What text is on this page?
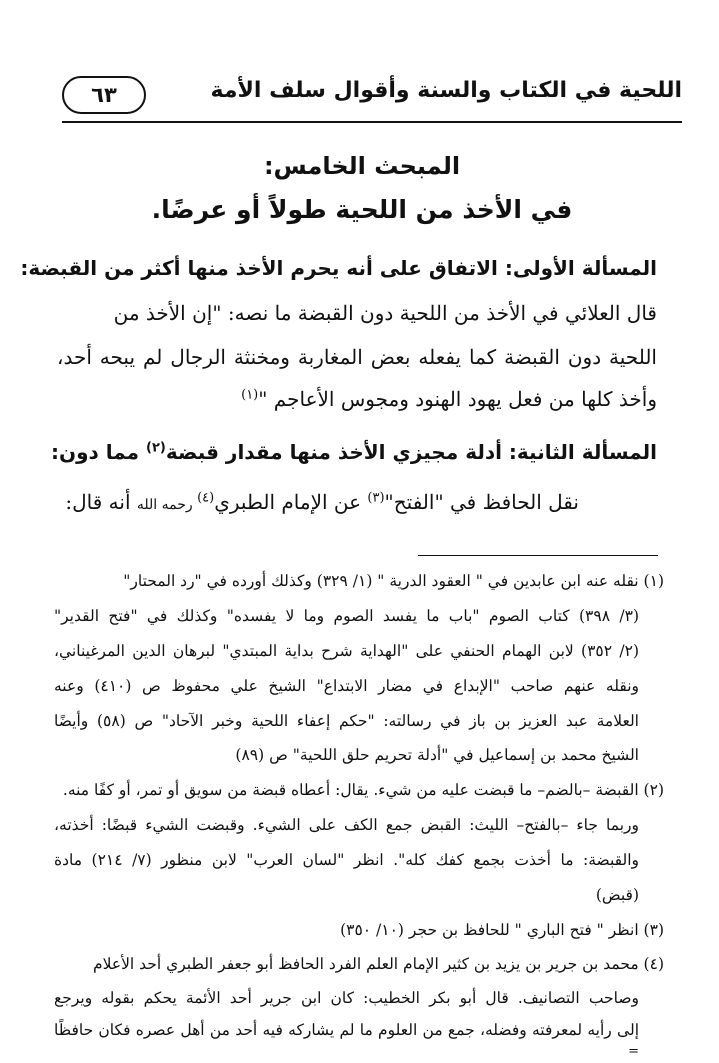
اللحية في الكتاب والسنة وأقوال سلف الأمة
٦٣
المبحث الخامس:
في الأخذ من اللحية طولاً أو عرضًا.
المسألة الأولى: الاتفاق على أنه يحرم الأخذ منها أكثر من القبضة:
قال العلائي في الأخذ من اللحية دون القبضة ما نصه: "إن الأخذ من
اللحية دون القبضة كما يفعله بعض المغاربة ومخنثة الرجال لم يبحه أحد،
وأخذ كلها من فعل يهود الهنود ومجوس الأعاجم "$^{(١)}$
المسألة الثانية: أدلة مجيزي الأخذ منها مقدار قبضة$^{(٢)}$ مما دون:
نقل الحافظ في "الفتح"$^{(٣)}$ عن الإمام الطبري$^{(٤)}$ رحمه الله أنه قال:
(١) نقله عنه ابن عابدين في " العقود الدرية " (١/ ٣٢٩) وكذلك أورده في "رد المحتار"
(٣/ ٣٩٨) كتاب الصوم "باب ما يفسد الصوم وما لا يفسده" وكذلك في "فتح القدير"
(٢/ ٣٥٢) لابن الهمام الحنفي على "الهداية شرح بداية المبتدي" لبرهان الدين المرغيناني،
ونقله عنهم صاحب "الإبداع في مضار الابتداع" الشيخ علي محفوظ ص (٤١٠) وعنه
العلامة عبد العزيز بن باز في رسالته: "حكم إعفاء اللحية وخبر الآحاد" ص (٥٨) وأيضًا
الشيخ محمد بن إسماعيل في "أدلة تحريم حلق اللحية" ص (٨٩)
(٢) القبضة –بالضم– ما قبضت عليه من شيء. يقال: أعطاه قبضة من سويق أو تمر، أو كفًا منه.
وربما جاء –بالفتح– الليث: القبض جمع الكف على الشيء. وقبضت الشيء قبضًا: أخذته،
والقبضة: ما أخذت بجمع كفك كله". انظر "لسان العرب" لابن منظور (٧/ ٢١٤) مادة
(قبض)
(٣) انظر " فتح الباري " للحافظ بن حجر (١٠/ ٣٥٠)
(٤) محمد بن جرير بن يزيد بن كثير الإمام العلم الفرد الحافظ أبو جعفر الطبري أحد الأعلام
وصاحب التصانيف. قال أبو بكر الخطيب: كان ابن جرير أحد الأئمة يحكم بقوله ويرجع
إلى رأيه لمعرفته وفضله، جمع من العلوم ما لم يشاركه فيه أحد من أهل عصره فكان حافظًا
=
